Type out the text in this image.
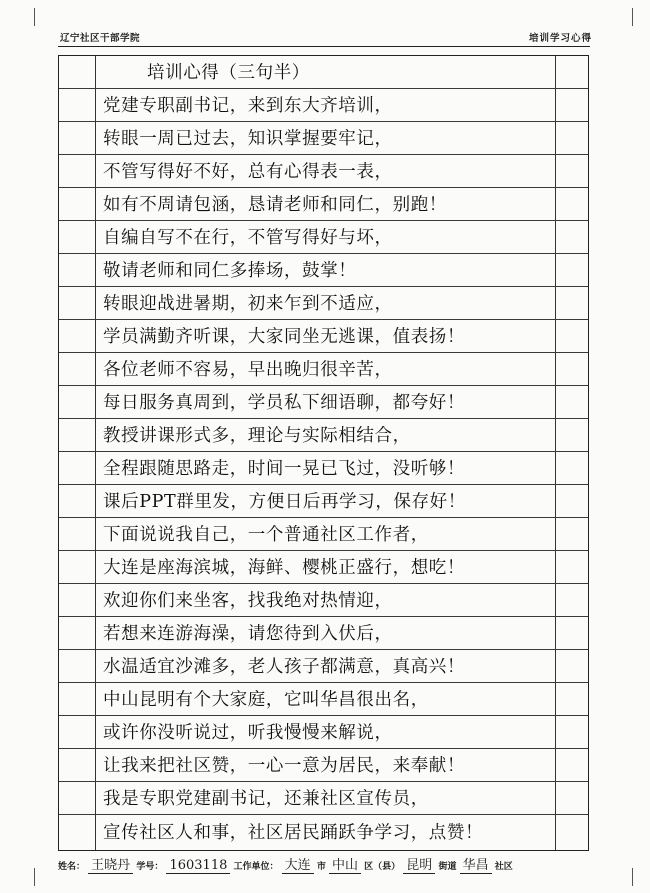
辽宁社区干部学院	培训学习心得
培训心得（三句半）
党建专职副书记，来到东大齐培训，
转眼一周已过去，知识掌握要牢记，
不管写得好不好，总有心得表一表，
如有不周请包涵，恳请老师和同仁，别跑！
自编自写不在行，不管写得好与坏，
敬请老师和同仁多捧场，鼓掌！
转眼迎战进暑期，初来乍到不适应，
学员满勤齐听课，大家同坐无逃课，值表扬！
各位老师不容易，早出晚归很辛苦，
每日服务真周到，学员私下细语聊，都夸好！
教授讲课形式多，理论与实际相结合，
全程跟随思路走，时间一晃已飞过，没听够！
课后PPT群里发，方便日后再学习，保存好！
下面说说我自己，一个普通社区工作者，
大连是座海滨城，海鲜、樱桃正盛行，想吃！
欢迎你们来坐客，找我绝对热情迎，
若想来连游海澡，请您待到入伏后，
水温适宜沙滩多，老人孩子都满意，真高兴！
中山昆明有个大家庭，它叫华昌很出名，
或许你没听说过，听我慢慢来解说，
让我来把社区赞，一心一意为居民，来奉献！
我是专职党建副书记，还兼社区宣传员，
宣传社区人和事，社区居民踊跃争学习，点赞！
姓名： 王晓丹 学号： 1603118 工作单位： 大连 市 中山 区（县） 昆明 街道 华昌 社区
